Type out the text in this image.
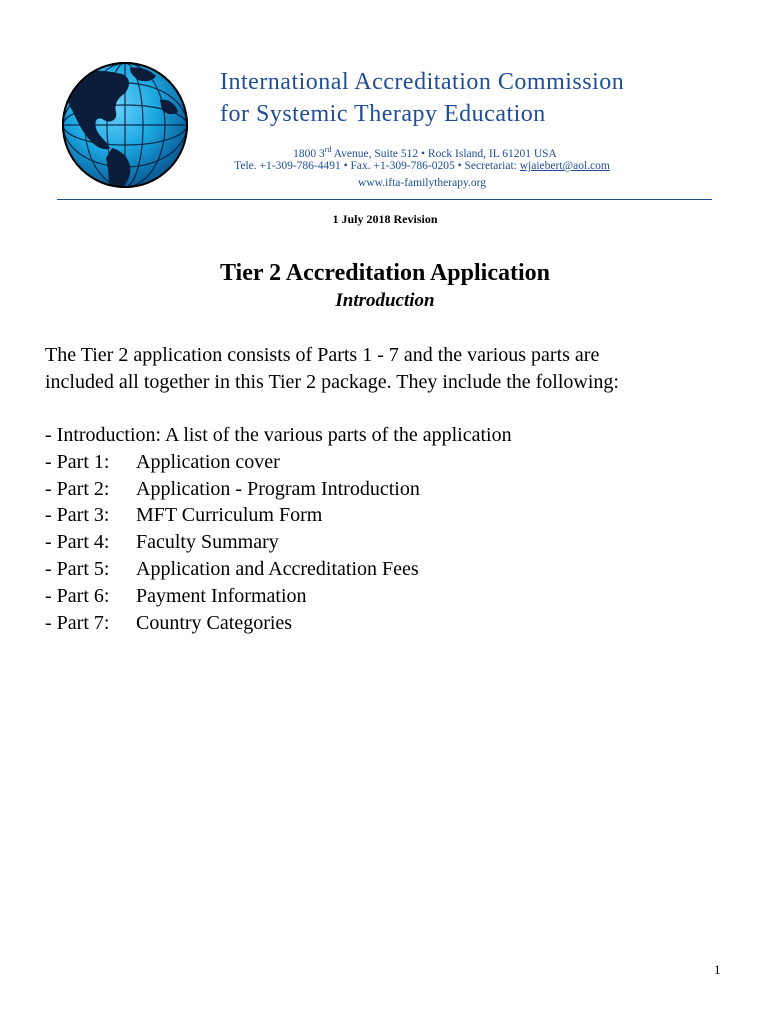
International Accreditation Commission
for Systemic Therapy Education
1800 3rd Avenue, Suite 512 • Rock Island, IL 61201 USA
Tele. +1-309-786-4491 • Fax. +1-309-786-0205 • Secretariat: wjaiebert@aol.com
www.ifta-familytherapy.org
1 July 2018 Revision
Tier 2 Accreditation Application
Introduction

The Tier 2 application consists of Parts 1 - 7 and the various parts are

included all together in this Tier 2 package. They include the following:

- Introduction: A list of the various parts of the application
- Part 1:	Application cover
- Part 2:	Application - Program Introduction
- Part 3:	MFT Curriculum Form
- Part 4:	Faculty Summary
- Part 5:	Application and Accreditation Fees
- Part 6:	Payment Information
- Part 7:	Country Categories
1
